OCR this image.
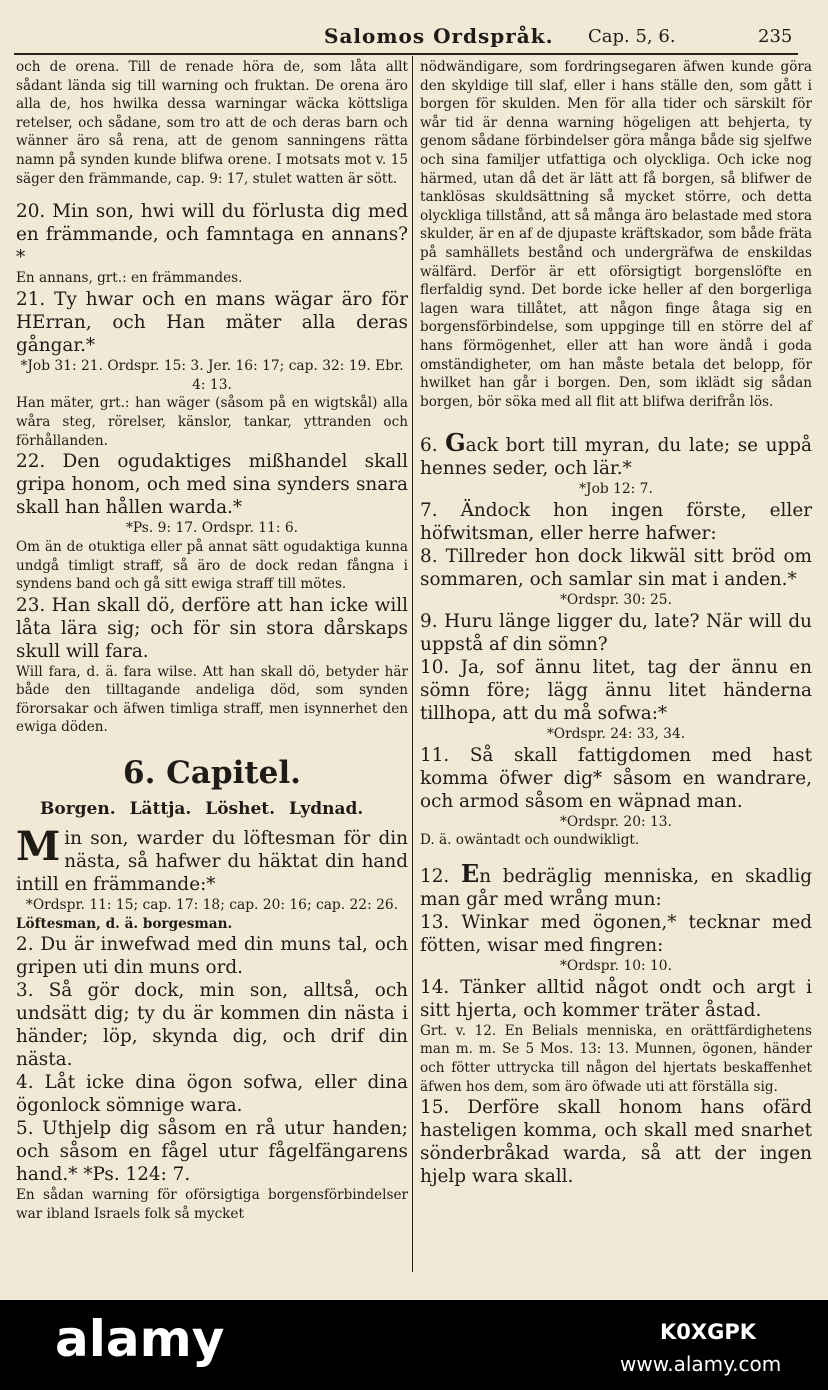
Salomos Ordspråk. Cap. 5, 6.	235

och de orena. Till de renade höra de, som låta allt sådant lända sig till warning och fruktan. De orena äro alla de, hos hwilka dessa warningar wäcka köttsliga retelser, och sådane, som tro att de och deras barn och wänner äro så rena, att de genom sanningens rätta namn på synden kunde blifwa orene. I motsats mot v. 15 säger den främmande, cap. 9: 17, stulet watten är sött.

20. Min son, hwi will du förlusta dig med en främmande, och famntaga en annans?*

En annans, grt.: en främmandes.

21. Ty hwar och en mans wägar äro för HErran, och Han mäter alla deras gångar.*

*Job 31: 21. Ordspr. 15: 3. Jer. 16: 17; cap. 32: 19. Ebr. 4: 13.

Han mäter, grt.: han wäger (såsom på en wigtskål) alla wåra steg, rörelser, känslor, tankar, yttranden och förhållanden.

22. Den ogudaktiges mißhandel skall gripa honom, och med sina synders snara skall han hållen warda.*

*Ps. 9: 17. Ordspr. 11: 6.

Om än de otuktiga eller på annat sätt ogudaktiga kunna undgå timligt straff, så äro de dock redan fångna i syndens band och gå sitt ewiga straff till mötes.

23. Han skall dö, derföre att han icke will låta lära sig; och för sin stora dårskaps skull will fara.

Will fara, d. ä. fara wilse. Att han skall dö, betyder här både den tilltagande andeliga död, som synden förorsakar och äfwen timliga straff, men isynnerhet den ewiga döden.

6. Capitel.

Borgen. Lättja. Löshet. Lydnad.

Min son, warder du löftesman för din nästa, så hafwer du häktat din hand intill en främmande:*

*Ordspr. 11: 15; cap. 17: 18; cap. 20: 16; cap. 22: 26.

Löftesman, d. ä. borgesman.

2. Du är inwefwad med din muns tal, och gripen uti din muns ord.

3. Så gör dock, min son, alltså, och undsätt dig; ty du är kommen din nästa i händer; löp, skynda dig, och drif din nästa.

4. Låt icke dina ögon sofwa, eller dina ögonlock sömnige wara.

5. Uthjelp dig såsom en rå utur handen; och såsom en fågel utur fågelfängarens hand.* *Ps. 124: 7.

En sådan warning för oförsigtiga borgensförbindelser war ibland Israels folk så mycket

nödwändigare, som fordringsegaren äfwen kunde göra den skyldige till slaf, eller i hans ställe den, som gått i borgen för skulden. Men för alla tider och särskilt för wår tid är denna warning högeligen att behjerta, ty genom sådane förbindelser göra många både sig sjelfwe och sina familjer utfattiga och olyckliga. Och icke nog härmed, utan då det är lätt att få borgen, så blifwer de tanklösas skuldsättning så mycket större, och detta olyckliga tillstånd, att så många äro belastade med stora skulder, är en af de djupaste kräftskador, som både fräta på samhällets bestånd och undergräfwa de enskildas wälfärd. Derför är ett oförsigtigt borgenslöfte en flerfaldig synd. Det borde icke heller af den borgerliga lagen wara tillåtet, att någon finge åtaga sig en borgensförbindelse, som uppginge till en större del af hans förmögenhet, eller att han wore ändå i goda omständigheter, om han måste betala det belopp, för hwilket han går i borgen. Den, som iklädt sig sådan borgen, bör söka med all flit att blifwa derifrån lös.

6. Gack bort till myran, du late; se uppå hennes seder, och lär.*

*Job 12: 7.

7. Ändock hon ingen förste, eller höfwitsman, eller herre hafwer:

8. Tillreder hon dock likwäl sitt bröd om sommaren, och samlar sin mat i anden.*

*Ordspr. 30: 25.

9. Huru länge ligger du, late? När will du uppstå af din sömn?

10. Ja, sof ännu litet, tag der ännu en sömn före; lägg ännu litet händerna tillhopa, att du må sofwa:*

*Ordspr. 24: 33, 34.

11. Så skall fattigdomen med hast komma öfwer dig* såsom en wandrare, och armod såsom en wäpnad man.

*Ordspr. 20: 13.

D. ä. owäntadt och oundwikligt.

12. En bedräglig menniska, en skadlig man går med wrång mun:

13. Winkar med ögonen,* tecknar med fötten, wisar med fingren:

*Ordspr. 10: 10.

14. Tänker alltid något ondt och argt i sitt hjerta, och kommer träter åstad.

Grt. v. 12. En Belials menniska, en orättfärdighetens man m. m. Se 5 Mos. 13: 13. Munnen, ögonen, händer och fötter uttrycka till någon del hjertats beskaffenhet äfwen hos dem, som äro öfwade uti att förställa sig.

15. Derföre skall honom hans ofärd hasteligen komma, och skall med snarhet sönderbråkad warda, så att der ingen hjelp wara skall.

alamy	K0XGPK
www.alamy.com
